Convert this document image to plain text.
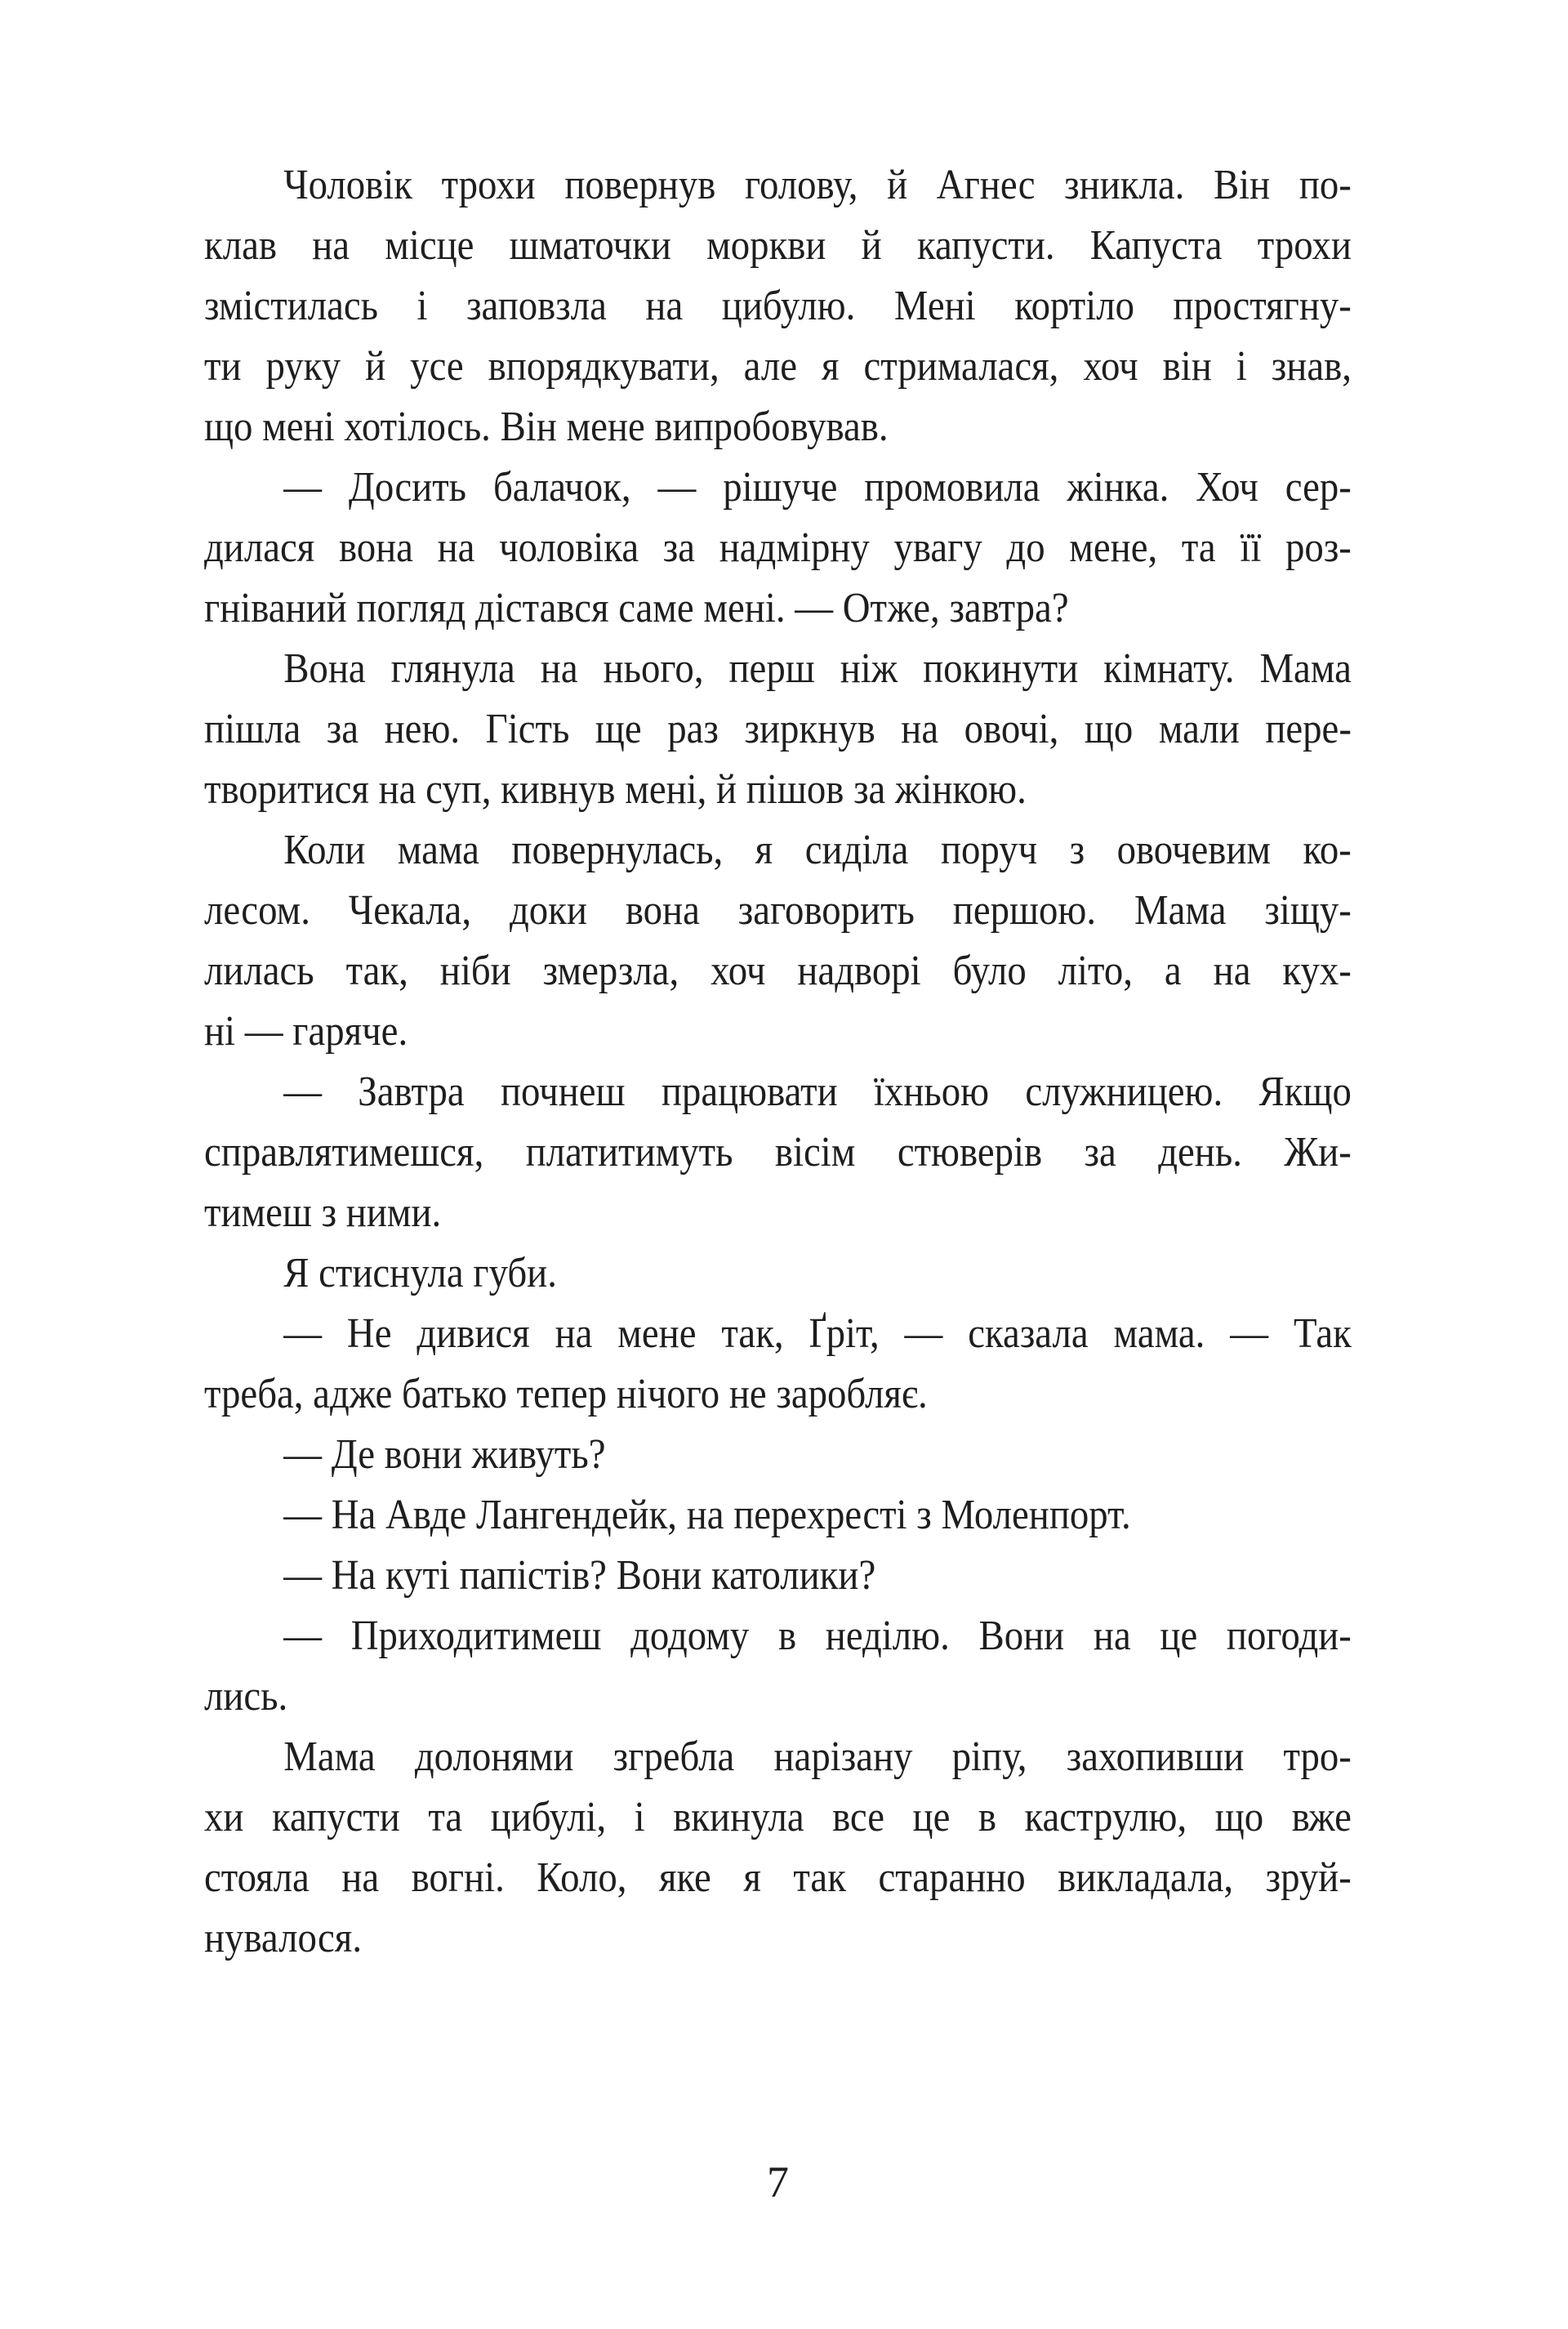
Чоловік трохи повернув голову, й Агнес зникла. Він по-
клав на місце шматочки моркви й капусти. Капуста трохи
змістилась і заповзла на цибулю. Мені кортіло простягну-
ти руку й усе впорядкувати, але я стрималася, хоч він і знав,
що мені хотілось. Він мене випробовував.
— Досить балачок, — рішуче промовила жінка. Хоч сер-
дилася вона на чоловіка за надмірну увагу до мене, та її роз-
гніваний погляд дістався саме мені. — Отже, завтра?
Вона глянула на нього, перш ніж покинути кімнату. Мама
пішла за нею. Гість ще раз зиркнув на овочі, що мали пере-
творитися на суп, кивнув мені, й пішов за жінкою.
Коли мама повернулась, я сиділа поруч з овочевим ко-
лесом. Чекала, доки вона заговорить першою. Мама зіщу-
лилась так, ніби змерзла, хоч надворі було літо, а на кух-
ні — гаряче.
— Завтра почнеш працювати їхньою служницею. Якщо
справлятимешся, платитимуть вісім стюверів за день. Жи-
тимеш з ними.
Я стиснула губи.
— Не дивися на мене так, Ґріт, — сказала мама. — Так
треба, адже батько тепер нічого не заробляє.
— Де вони живуть?
— На Авде Лангендейк, на перехресті з Моленпорт.
— На куті папістів? Вони католики?
— Приходитимеш додому в неділю. Вони на це погоди-
лись.
Мама долонями згребла нарізану ріпу, захопивши тро-
хи капусти та цибулі, і вкинула все це в каструлю, що вже
стояла на вогні. Коло, яке я так старанно викладала, зруй-
нувалося.
7
